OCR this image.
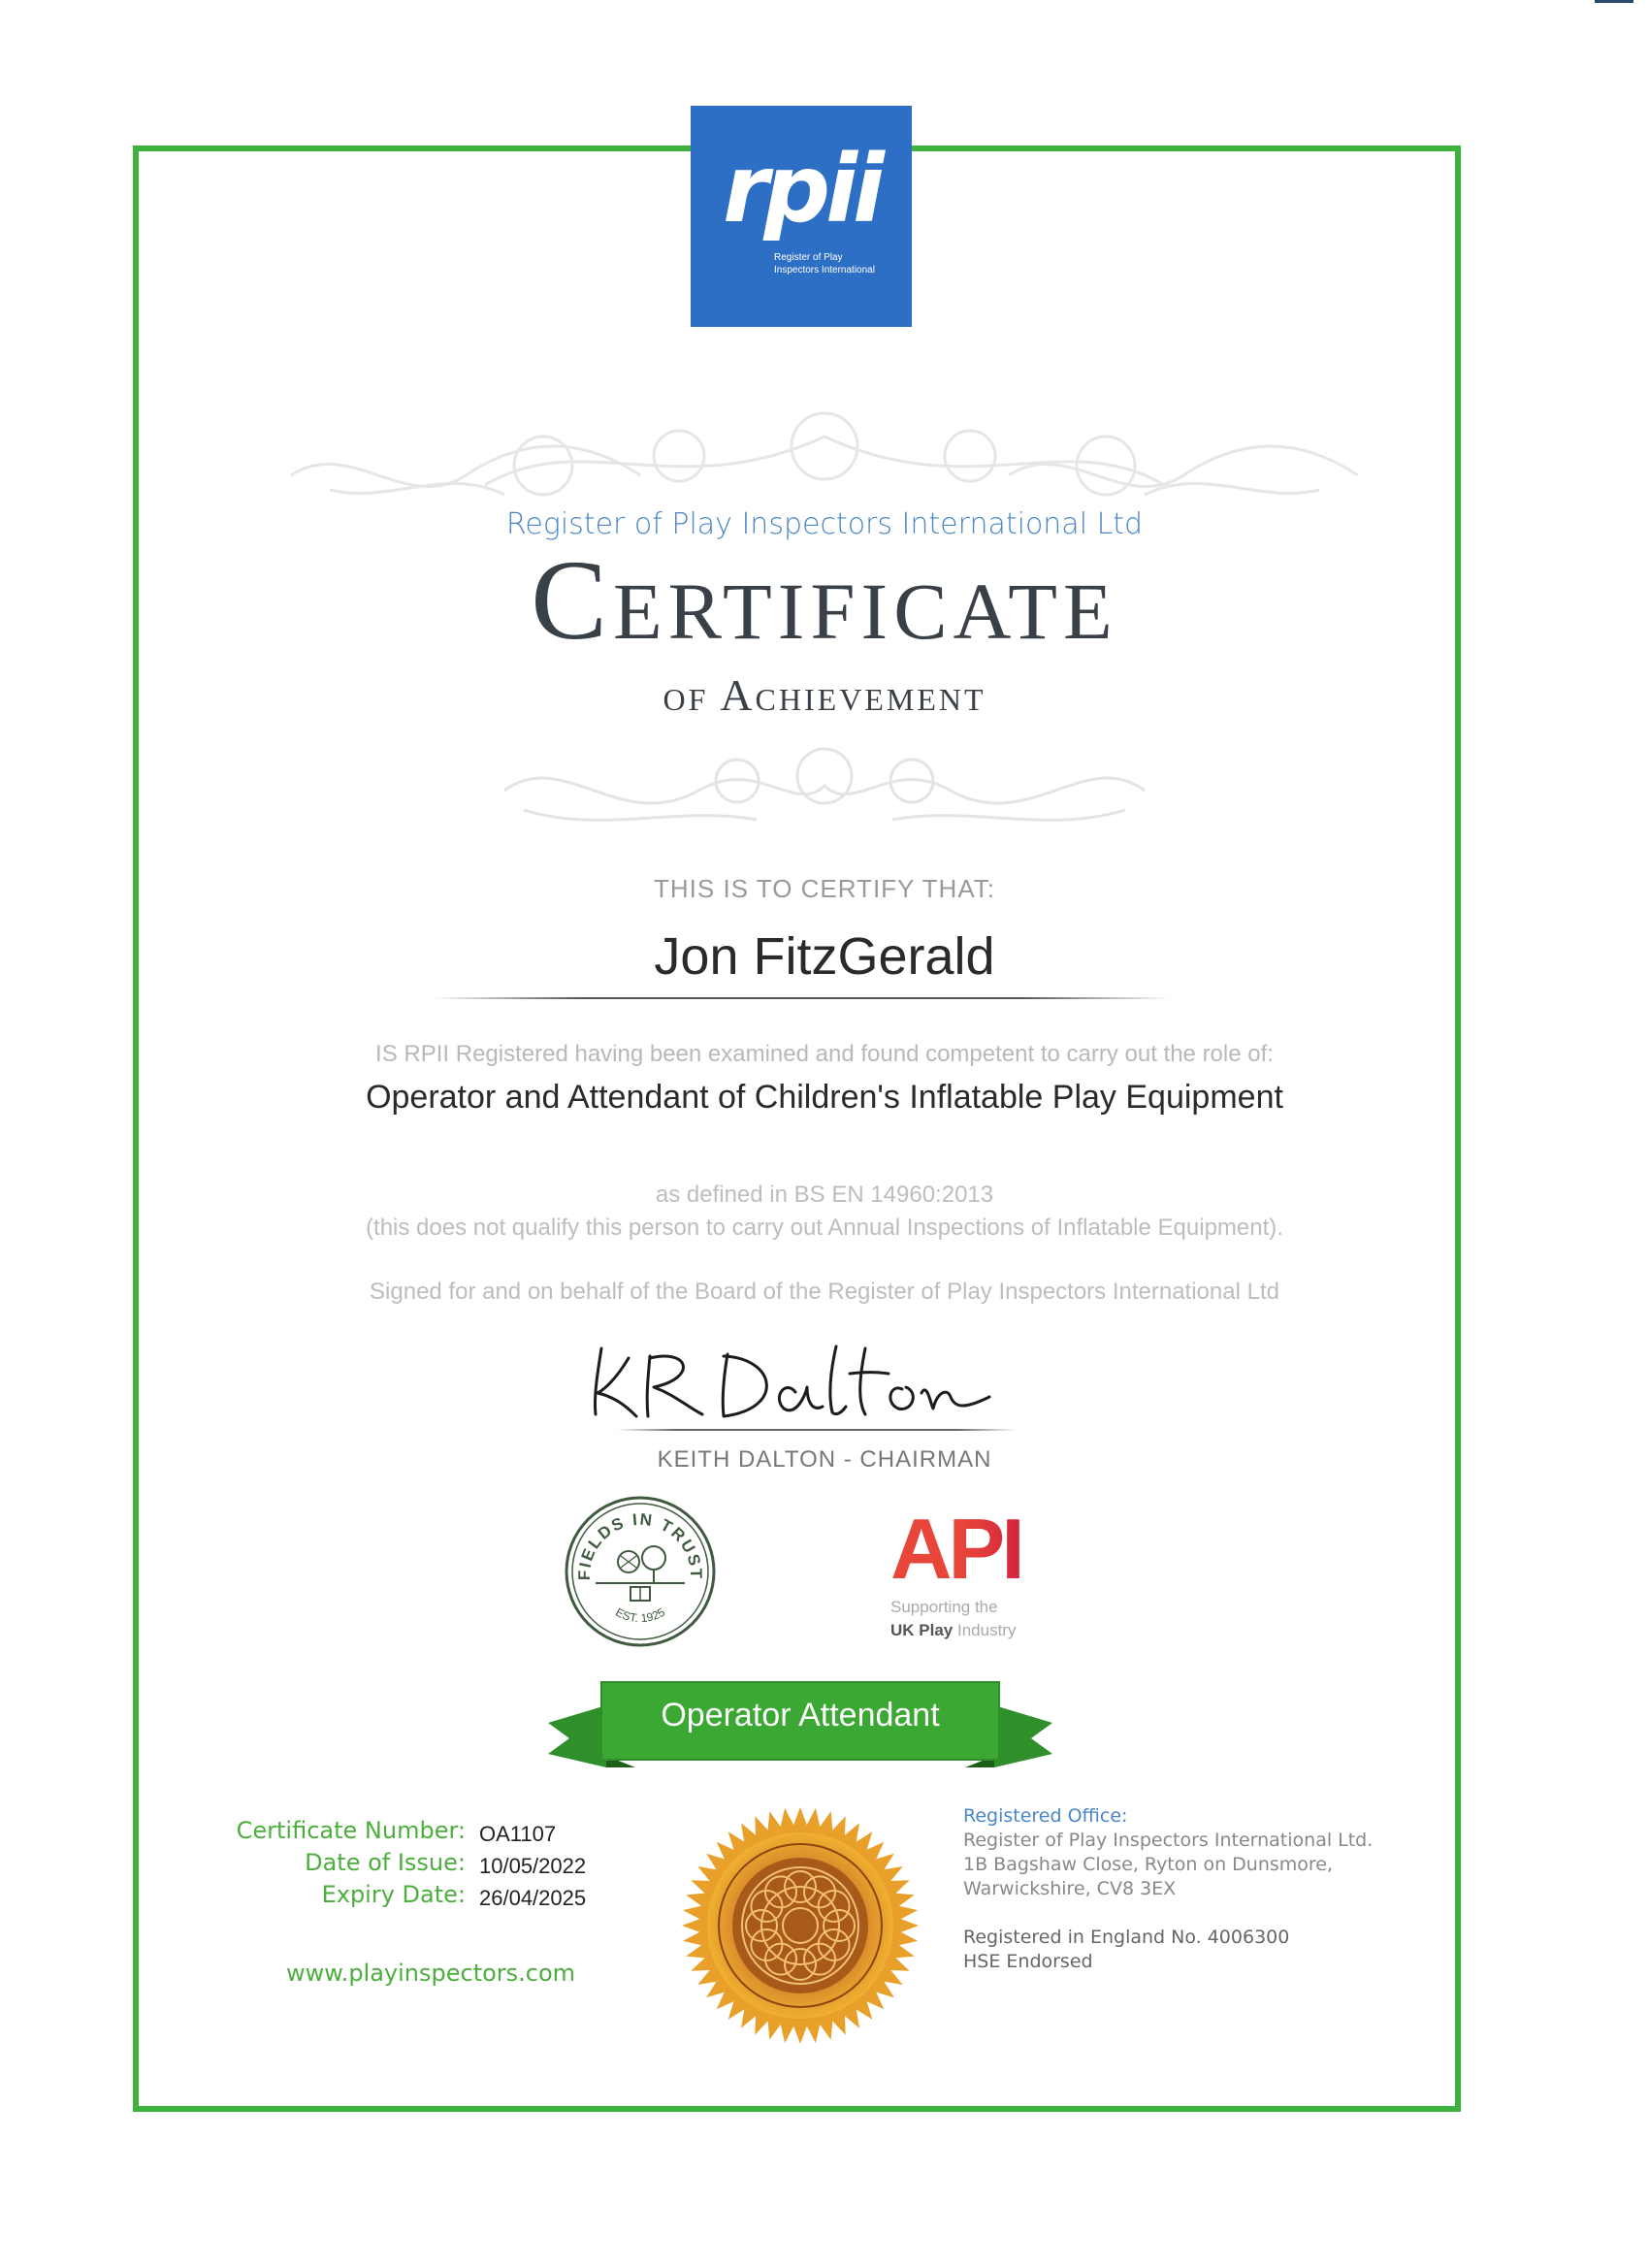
rpii
Register of Play
Inspectors International
Register of Play Inspectors International Ltd
Certificate
of Achievement
THIS IS TO CERTIFY THAT:
Jon FitzGerald
IS RPII Registered having been examined and found competent to carry out the role of:
Operator and Attendant of Children's Inflatable Play Equipment
as defined in BS EN 14960:2013
(this does not qualify this person to carry out Annual Inspections of Inflatable Equipment).
Signed for and on behalf of the Board of the Register of Play Inspectors International Ltd
KEITH DALTON - CHAIRMAN
FIELDS IN TRUST
EST. 1925
API
Supporting the
UK Play Industry
Operator Attendant
Certificate Number:
Date of Issue:
Expiry Date:
OA1107
10/05/2022
26/04/2025
www.playinspectors.com
Registered Office:
Register of Play Inspectors International Ltd.
1B Bagshaw Close, Ryton on Dunsmore,
Warwickshire, CV8 3EX
Registered in England No. 4006300
HSE Endorsed
